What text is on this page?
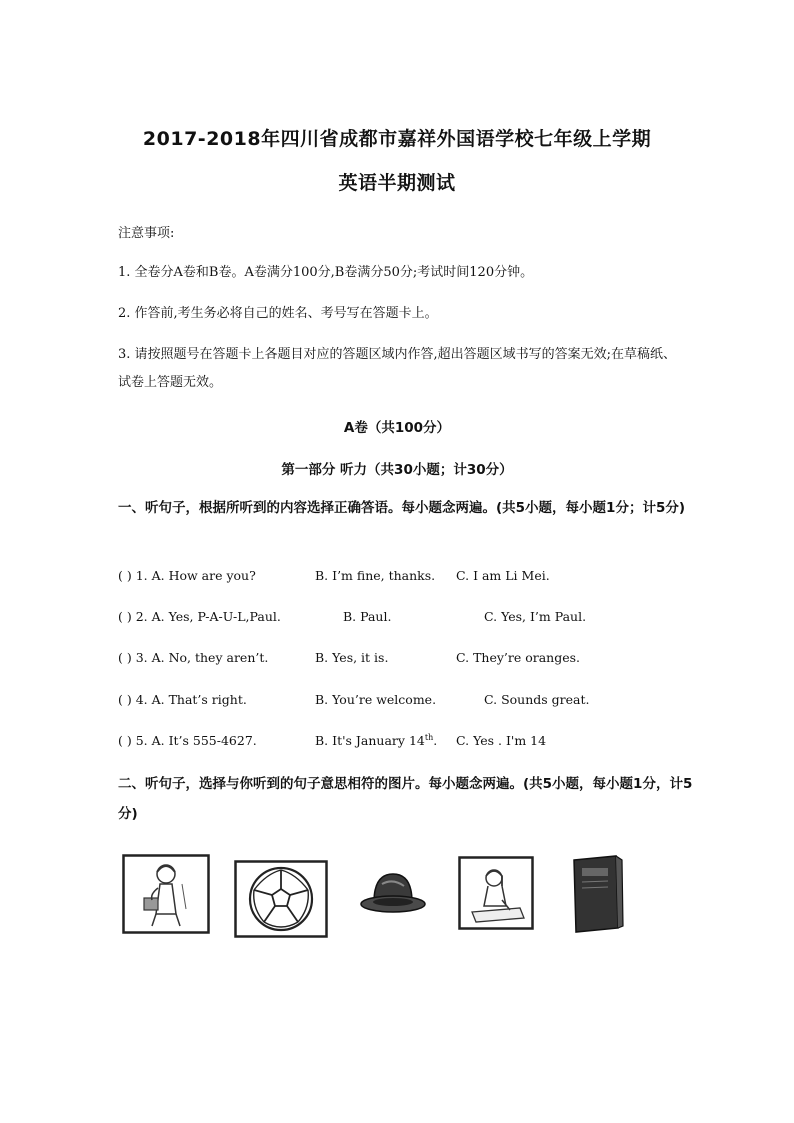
2017-2018年四川省成都市嘉祥外国语学校七年级上学期
英语半期测试
注意事项:
1. 全卷分A卷和B卷。A卷满分100分,B卷满分50分;考试时间120分钟。
2. 作答前,考生务必将自己的姓名、考号写在答题卡上。
3. 请按照题号在答题卡上各题目对应的答题区域内作答,超出答题区域书写的答案无效;在草稿纸、试卷上答题无效。
A卷（共100分）
第一部分 听力（共30小题；计30分）
一、听句子，根据所听到的内容选择正确答语。每小题念两遍。(共5小题，每小题1分；计5分)
( ) 1. A. How are you?	B. I’m fine, thanks. C. I am Li Mei.
( ) 2. A. Yes, P-A-U-L,Paul.	B. Paul.	C. Yes, I’m Paul.
( ) 3. A. No, they aren’t.	B. Yes, it is.	C. They’re oranges.
( ) 4. A. That’s right.	B. You’re welcome.	C. Sounds great.
( ) 5. A. It’s 555-4627.	B. It's January 14th. C. Yes . I'm 14
二、听句子，选择与你听到的句子意思相符的图片。每小题念两遍。(共5小题，每小题1分，计5分)
